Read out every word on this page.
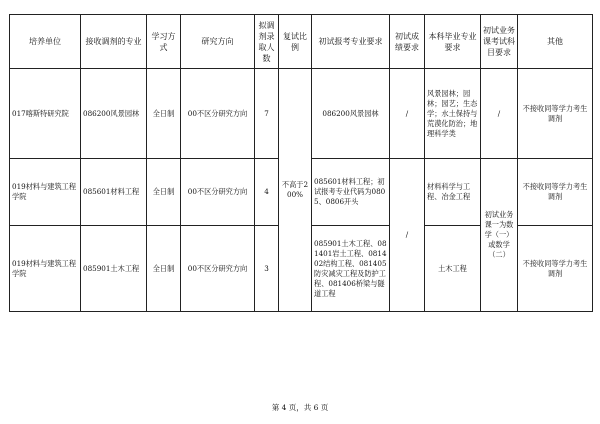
培养单位	接收调剂的专业	学习方式	研究方向	拟调剂录取人数	复试比例	初试报考专业要求	初试成绩要求	本科毕业专业要求	初试业务课考试科目要求	其他
017喀斯特研究院	086200风景园林	全日制	00不区分研究方向	7	不高于200%	086200风景园林	/	风景园林；园林；园艺；生态学；水土保持与荒漠化防治；地理科学类	/	不接收同等学力考生调剂
019材料与建筑工程学院	085601材料工程	全日制	00不区分研究方向	4		085601材料工程；初试报考专业代码为0805、0806开头	/	材料科学与工程、冶金工程	初试业务课一为数学（一）或数学（二）	不接收同等学力考生调剂
019材料与建筑工程学院	085901土木工程	全日制	00不区分研究方向	3		085901土木工程、081401岩土工程、081402结构工程、081405防灾减灾工程及防护工程、081406桥梁与隧道工程		土木工程		不接收同等学力考生调剂
第 4 页，共 6 页
